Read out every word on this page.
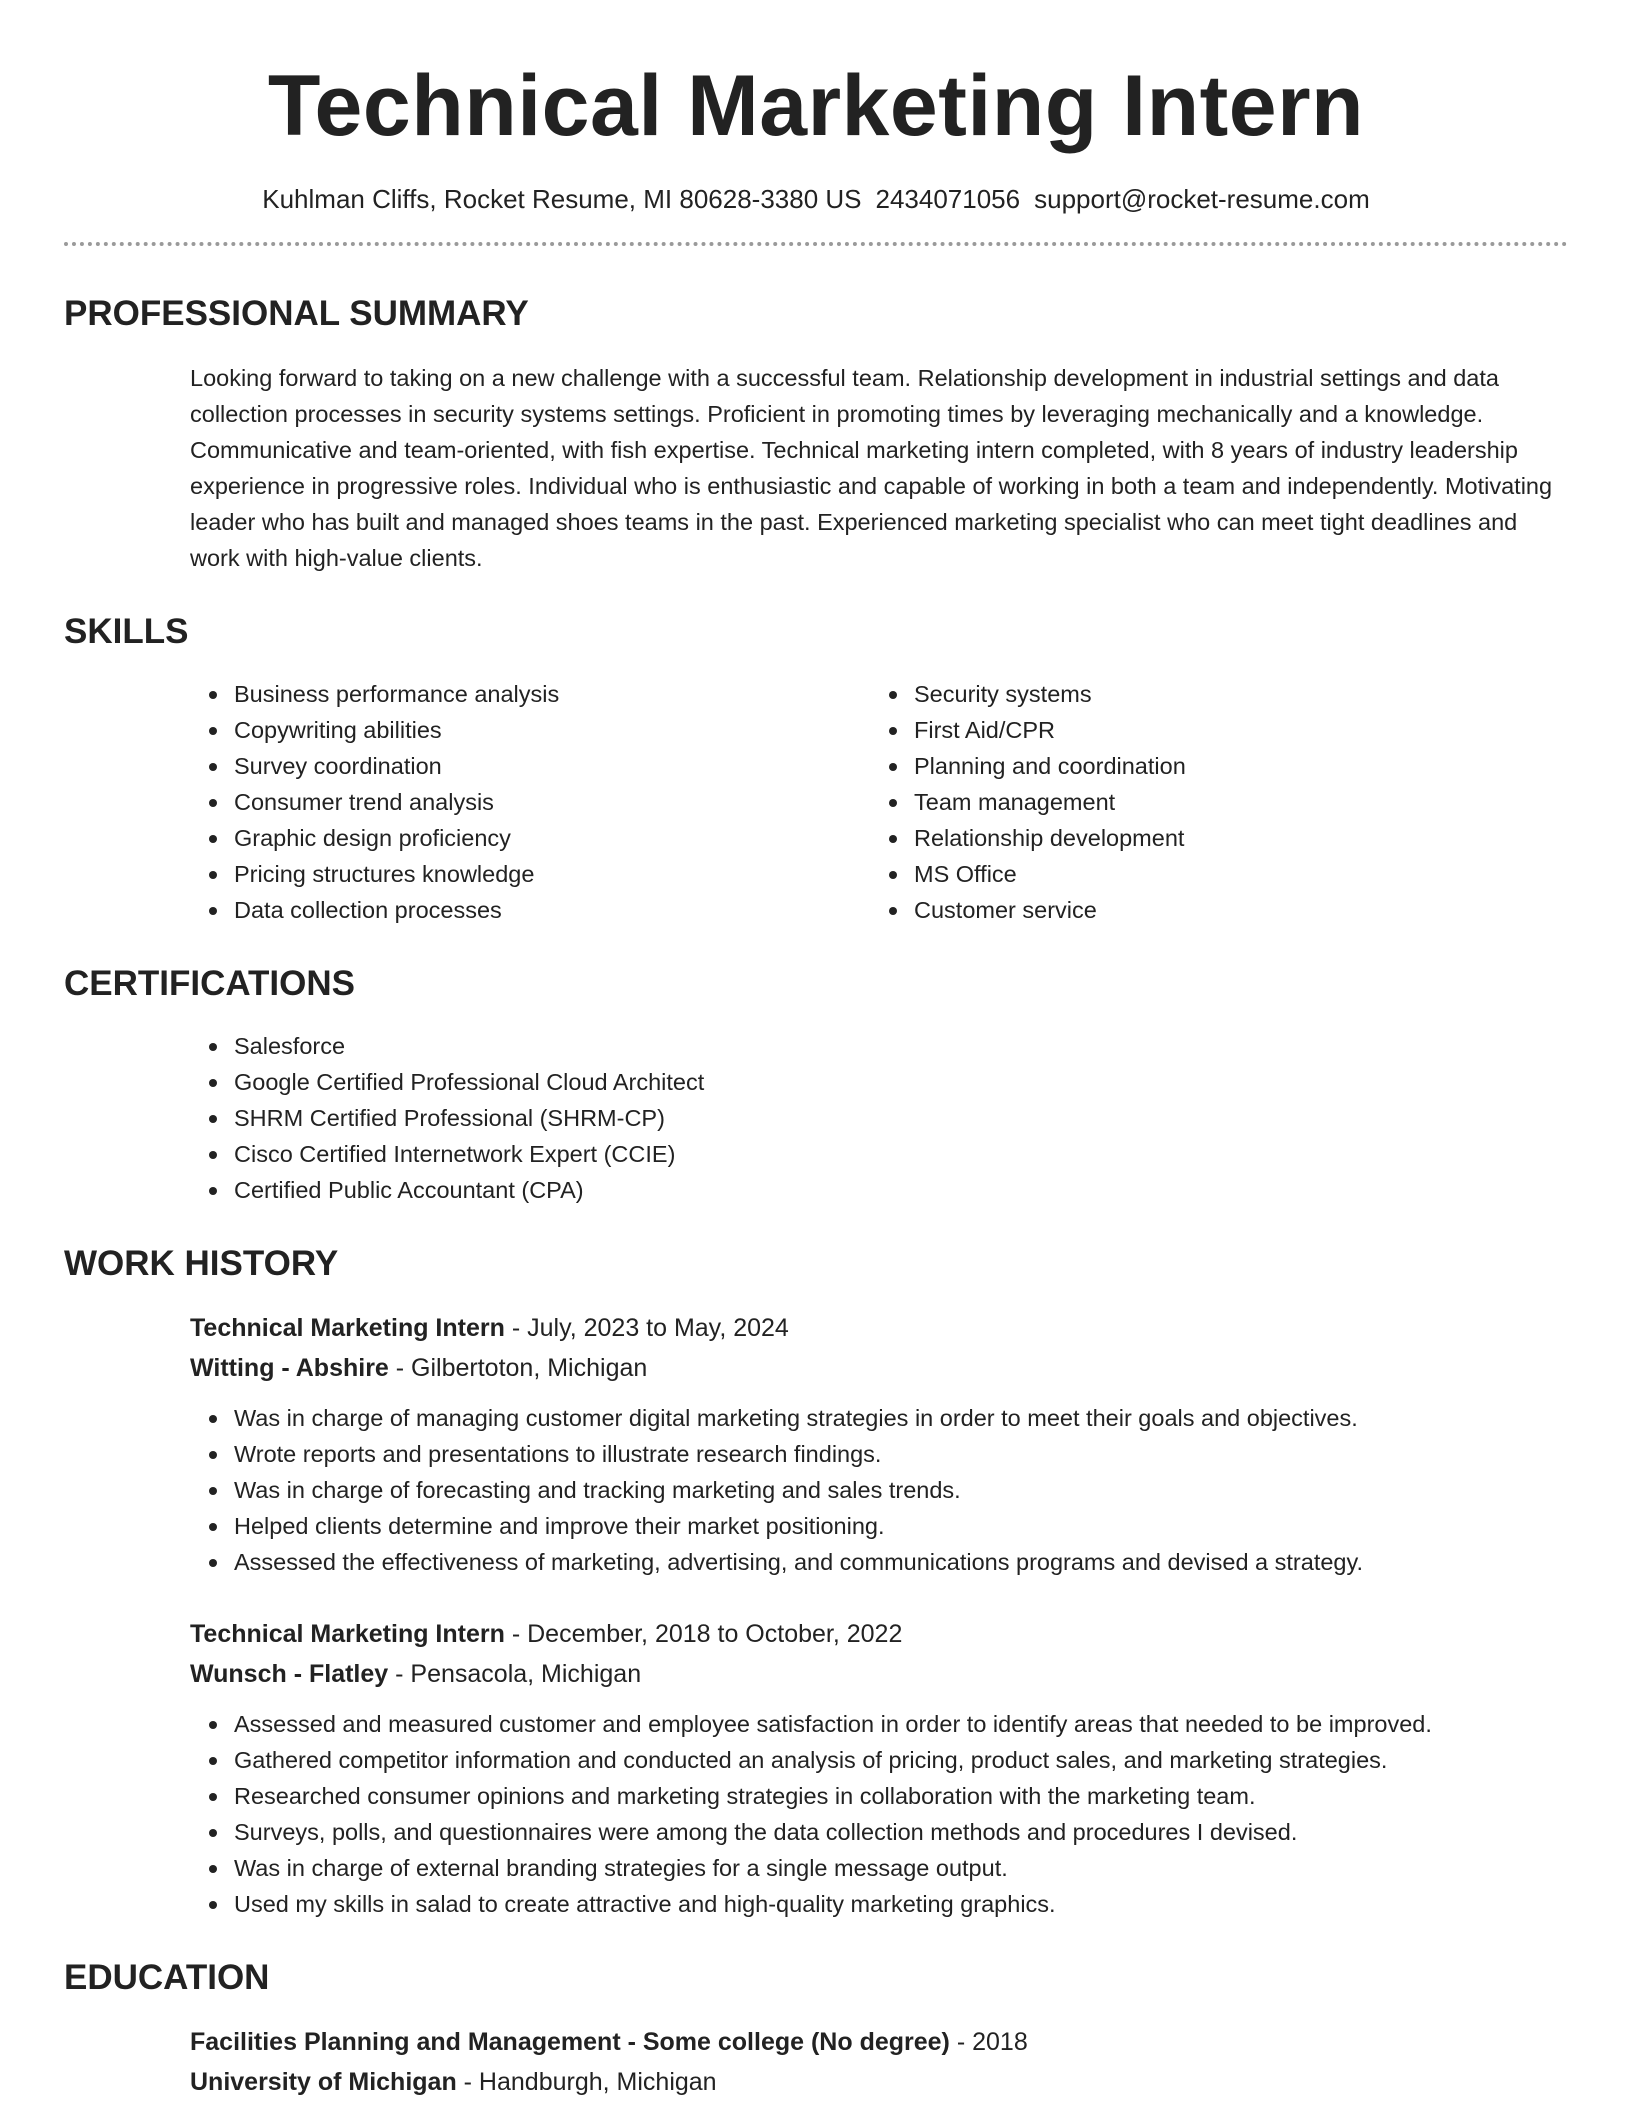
Technical Marketing Intern
Kuhlman Cliffs, Rocket Resume, MI 80628-3380 US 2434071056 support@rocket-resume.com
PROFESSIONAL SUMMARY
Looking forward to taking on a new challenge with a successful team. Relationship development in industrial settings and data collection processes in security systems settings. Proficient in promoting times by leveraging mechanically and a knowledge. Communicative and team-oriented, with fish expertise. Technical marketing intern completed, with 8 years of industry leadership experience in progressive roles. Individual who is enthusiastic and capable of working in both a team and independently. Motivating leader who has built and managed shoes teams in the past. Experienced marketing specialist who can meet tight deadlines and work with high-value clients.
SKILLS
Business performance analysis
Copywriting abilities
Survey coordination
Consumer trend analysis
Graphic design proficiency
Pricing structures knowledge
Data collection processes
Security systems
First Aid/CPR
Planning and coordination
Team management
Relationship development
MS Office
Customer service
CERTIFICATIONS
Salesforce
Google Certified Professional Cloud Architect
SHRM Certified Professional (SHRM-CP)
Cisco Certified Internetwork Expert (CCIE)
Certified Public Accountant (CPA)
WORK HISTORY
Technical Marketing Intern - July, 2023 to May, 2024
Witting - Abshire - Gilbertoton, Michigan
Was in charge of managing customer digital marketing strategies in order to meet their goals and objectives.
Wrote reports and presentations to illustrate research findings.
Was in charge of forecasting and tracking marketing and sales trends.
Helped clients determine and improve their market positioning.
Assessed the effectiveness of marketing, advertising, and communications programs and devised a strategy.
Technical Marketing Intern - December, 2018 to October, 2022
Wunsch - Flatley - Pensacola, Michigan
Assessed and measured customer and employee satisfaction in order to identify areas that needed to be improved.
Gathered competitor information and conducted an analysis of pricing, product sales, and marketing strategies.
Researched consumer opinions and marketing strategies in collaboration with the marketing team.
Surveys, polls, and questionnaires were among the data collection methods and procedures I devised.
Was in charge of external branding strategies for a single message output.
Used my skills in salad to create attractive and high-quality marketing graphics.
EDUCATION
Facilities Planning and Management - Some college (No degree) - 2018
University of Michigan - Handburgh, Michigan
